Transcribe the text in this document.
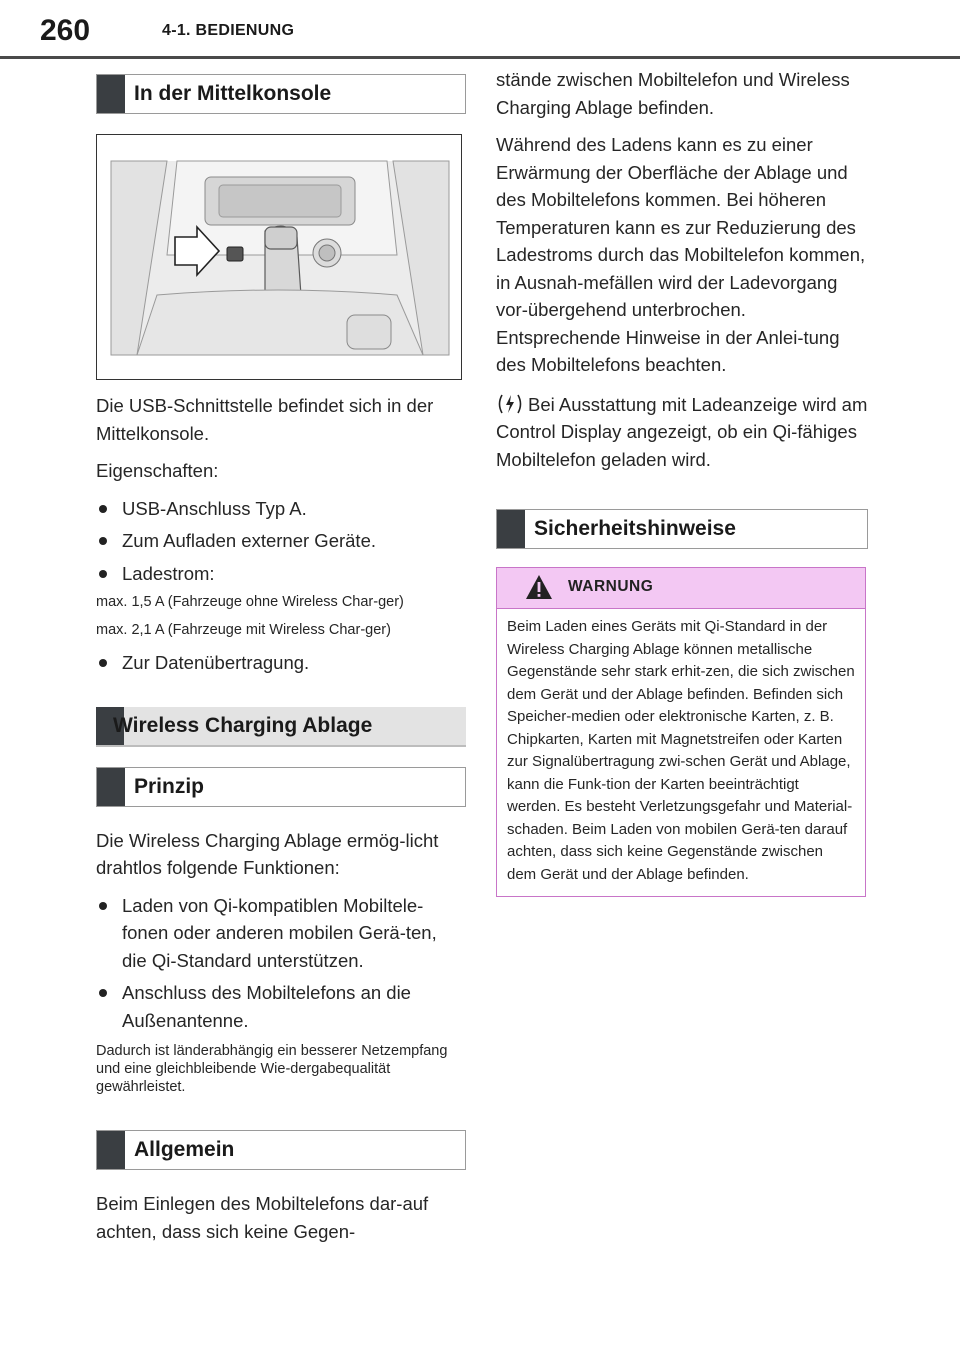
260	4-1. BEDIENUNG
In der Mittelkonsole

Die USB-Schnittstelle befindet sich in der Mittelkonsole.

Eigenschaften:

USB-Anschluss Typ A.
Zum Aufladen externer Geräte.
Ladestrom:

max. 1,5 A (Fahrzeuge ohne Wireless Char-ger)

max. 2,1 A (Fahrzeuge mit Wireless Char-ger)

Zur Datenübertragung.
Wireless Charging Ablage
Prinzip

Die Wireless Charging Ablage ermög-licht drahtlos folgende Funktionen:

Laden von Qi-kompatiblen Mobiltele-fonen oder anderen mobilen Gerä-ten, die Qi-Standard unterstützen.
Anschluss des Mobiltelefons an die Außenantenne.

Dadurch ist länderabhängig ein besserer Netzempfang und eine gleichbleibende Wie-dergabequalität gewährleistet.

Allgemein

Beim Einlegen des Mobiltelefons dar-auf achten, dass sich keine Gegen-

stände zwischen Mobiltelefon und Wireless Charging Ablage befinden.

Während des Ladens kann es zu einer Erwärmung der Oberfläche der Ablage und des Mobiltelefons kommen. Bei höheren Temperaturen kann es zur Reduzierung des Ladestroms durch das Mobiltelefon kommen, in Ausnah-mefällen wird der Ladevorgang vor-übergehend unterbrochen. Entsprechende Hinweise in der Anlei-tung des Mobiltelefons beachten.

Bei Ausstattung mit Ladeanzeige wird am Control Display angezeigt, ob ein Qi-fähiges Mobiltelefon geladen wird.

Sicherheitshinweise
WARNUNG
Beim Laden eines Geräts mit Qi-Standard in der Wireless Charging Ablage können metallische Gegenstände sehr stark erhit-zen, die sich zwischen dem Gerät und der Ablage befinden. Befinden sich Speicher-medien oder elektronische Karten, z. B. Chipkarten, Karten mit Magnetstreifen oder Karten zur Signalübertragung zwi-schen Gerät und Ablage, kann die Funk-tion der Karten beeinträchtigt werden. Es besteht Verletzungsgefahr und Material-schaden. Beim Laden von mobilen Gerä-ten darauf achten, dass sich keine Gegenstände zwischen dem Gerät und der Ablage befinden.
